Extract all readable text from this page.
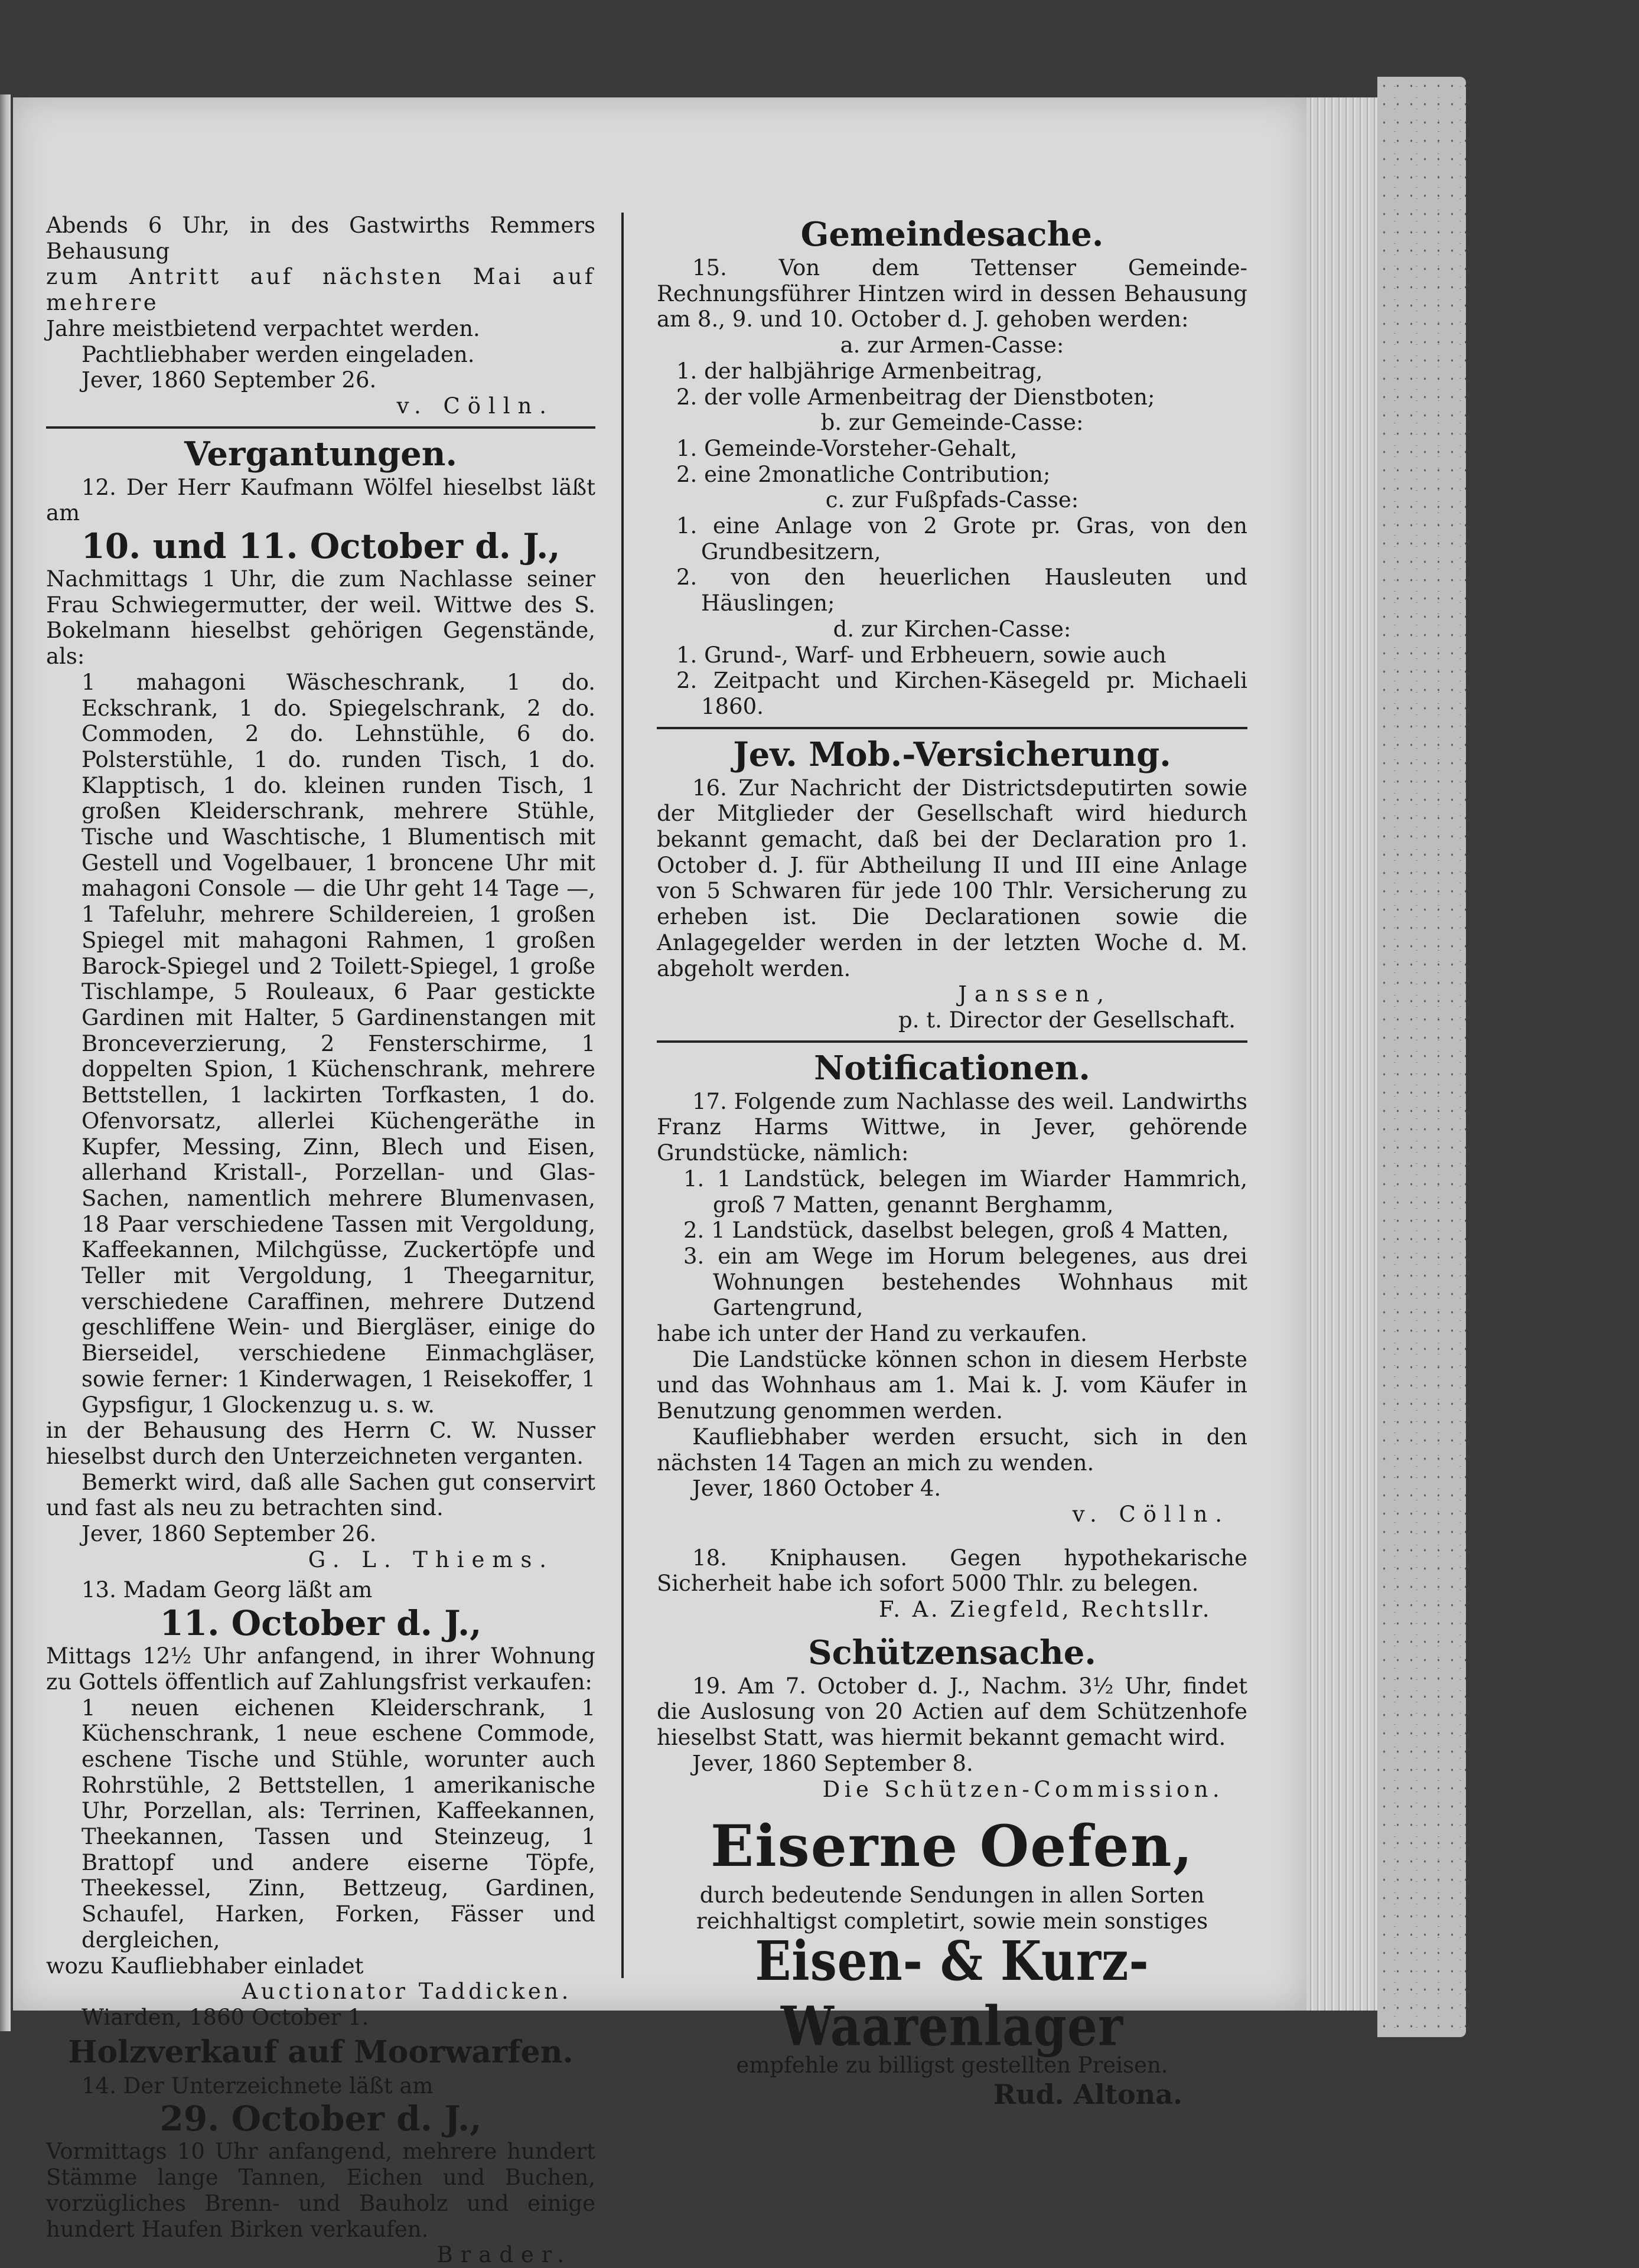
Abends 6 Uhr, in des Gastwirths Remmers Behausung

zum Antritt auf nächsten Mai auf mehrere

Jahre meistbietend verpachtet werden.

Pachtliebhaber werden eingeladen.

Jever, 1860 September 26.

v. Cölln.

Vergantungen.

12. Der Herr Kaufmann Wölfel hieselbst läßt am

10. und 11. October d. J.,

Nachmittags 1 Uhr, die zum Nachlasse seiner Frau Schwiegermutter, der weil. Wittwe des S. Bokelmann hieselbst gehörigen Gegenstände, als:

1 mahagoni Wäscheschrank, 1 do. Eckschrank, 1 do. Spiegelschrank, 2 do. Commoden, 2 do. Lehnstühle, 6 do. Polsterstühle, 1 do. runden Tisch, 1 do. Klapptisch, 1 do. kleinen runden Tisch, 1 großen Kleiderschrank, mehrere Stühle, Tische und Waschtische, 1 Blumentisch mit Gestell und Vogelbauer, 1 broncene Uhr mit mahagoni Console — die Uhr geht 14 Tage —, 1 Tafeluhr, mehrere Schildereien, 1 großen Spiegel mit mahagoni Rahmen, 1 großen Barock-Spiegel und 2 Toilett-Spiegel, 1 große Tischlampe, 5 Rouleaux, 6 Paar gestickte Gardinen mit Halter, 5 Gardinenstangen mit Bronceverzierung, 2 Fensterschirme, 1 doppelten Spion, 1 Küchenschrank, mehrere Bettstellen, 1 lackirten Torfkasten, 1 do. Ofenvorsatz, allerlei Küchengeräthe in Kupfer, Messing, Zinn, Blech und Eisen, allerhand Kristall-, Porzellan- und Glas-Sachen, namentlich mehrere Blumenvasen, 18 Paar verschiedene Tassen mit Vergoldung, Kaffeekannen, Milchgüsse, Zuckertöpfe und Teller mit Vergoldung, 1 Theegarnitur, verschiedene Caraffinen, mehrere Dutzend geschliffene Wein- und Biergläser, einige do Bierseidel, verschiedene Einmachgläser, sowie ferner: 1 Kinderwagen, 1 Reisekoffer, 1 Gypsfigur, 1 Glockenzug u. s. w.

in der Behausung des Herrn C. W. Nusser hieselbst durch den Unterzeichneten verganten.

Bemerkt wird, daß alle Sachen gut conservirt und fast als neu zu betrachten sind.

Jever, 1860 September 26.

G. L. Thiems.

13. Madam Georg läßt am

11. October d. J.,

Mittags 12½ Uhr anfangend, in ihrer Wohnung zu Gottels öffentlich auf Zahlungsfrist verkaufen:

1 neuen eichenen Kleiderschrank, 1 Küchenschrank, 1 neue eschene Commode, eschene Tische und Stühle, worunter auch Rohrstühle, 2 Bettstellen, 1 amerikanische Uhr, Porzellan, als: Terrinen, Kaffeekannen, Theekannen, Tassen und Steinzeug, 1 Brattopf und andere eiserne Töpfe, Theekessel, Zinn, Bettzeug, Gardinen, Schaufel, Harken, Forken, Fässer und dergleichen,

wozu Kaufliebhaber einladet

Auctionator Taddicken.

Wiarden, 1860 October 1.

Holzverkauf auf Moorwarfen.

14. Der Unterzeichnete läßt am

29. October d. J.,

Vormittags 10 Uhr anfangend, mehrere hundert Stämme lange Tannen, Eichen und Buchen, vorzügliches Brenn- und Bauholz und einige hundert Haufen Birken verkaufen.

Brader.

Gemeindesache.

15. Von dem Tettenser Gemeinde-Rechnungsführer Hintzen wird in dessen Behausung am 8., 9. und 10. October d. J. gehoben werden:

a. zur Armen-Casse:

1. der halbjährige Armenbeitrag,

2. der volle Armenbeitrag der Dienstboten;

b. zur Gemeinde-Casse:

1. Gemeinde-Vorsteher-Gehalt,

2. eine 2monatliche Contribution;

c. zur Fußpfads-Casse:

1. eine Anlage von 2 Grote pr. Gras, von den Grundbesitzern,

2. von den heuerlichen Hausleuten und Häuslingen;

d. zur Kirchen-Casse:

1. Grund-, Warf- und Erbheuern, sowie auch

2. Zeitpacht und Kirchen-Käsegeld pr. Michaeli 1860.

Jev. Mob.-Versicherung.

16. Zur Nachricht der Districtsdeputirten sowie der Mitglieder der Gesellschaft wird hiedurch bekannt gemacht, daß bei der Declaration pro 1. October d. J. für Abtheilung II und III eine Anlage von 5 Schwaren für jede 100 Thlr. Versicherung zu erheben ist. Die Declarationen sowie die Anlagegelder werden in der letzten Woche d. M. abgeholt werden.

Janssen,

p. t. Director der Gesellschaft.

Notificationen.

17. Folgende zum Nachlasse des weil. Landwirths Franz Harms Wittwe, in Jever, gehörende Grundstücke, nämlich:

1. 1 Landstück, belegen im Wiarder Hammrich, groß 7 Matten, genannt Berghamm,

2. 1 Landstück, daselbst belegen, groß 4 Matten,

3. ein am Wege im Horum belegenes, aus drei Wohnungen bestehendes Wohnhaus mit Gartengrund,

habe ich unter der Hand zu verkaufen.

Die Landstücke können schon in diesem Herbste und das Wohnhaus am 1. Mai k. J. vom Käufer in Benutzung genommen werden.

Kaufliebhaber werden ersucht, sich in den nächsten 14 Tagen an mich zu wenden.

Jever, 1860 October 4.

v. Cölln.

18. Kniphausen. Gegen hypothekarische Sicherheit habe ich sofort 5000 Thlr. zu belegen.

F. A. Ziegfeld, Rechtsllr.

Schützensache.

19. Am 7. October d. J., Nachm. 3½ Uhr, findet die Auslosung von 20 Actien auf dem Schützenhofe hieselbst Statt, was hiermit bekannt gemacht wird.

Jever, 1860 September 8.

Die Schützen-Commission.

Eiserne Oefen,

durch bedeutende Sendungen in allen Sorten

reichhaltigst completirt, sowie mein sonstiges

Eisen- & Kurz-Waarenlager

empfehle zu billigst gestellten Preisen.

Rud. Altona.
